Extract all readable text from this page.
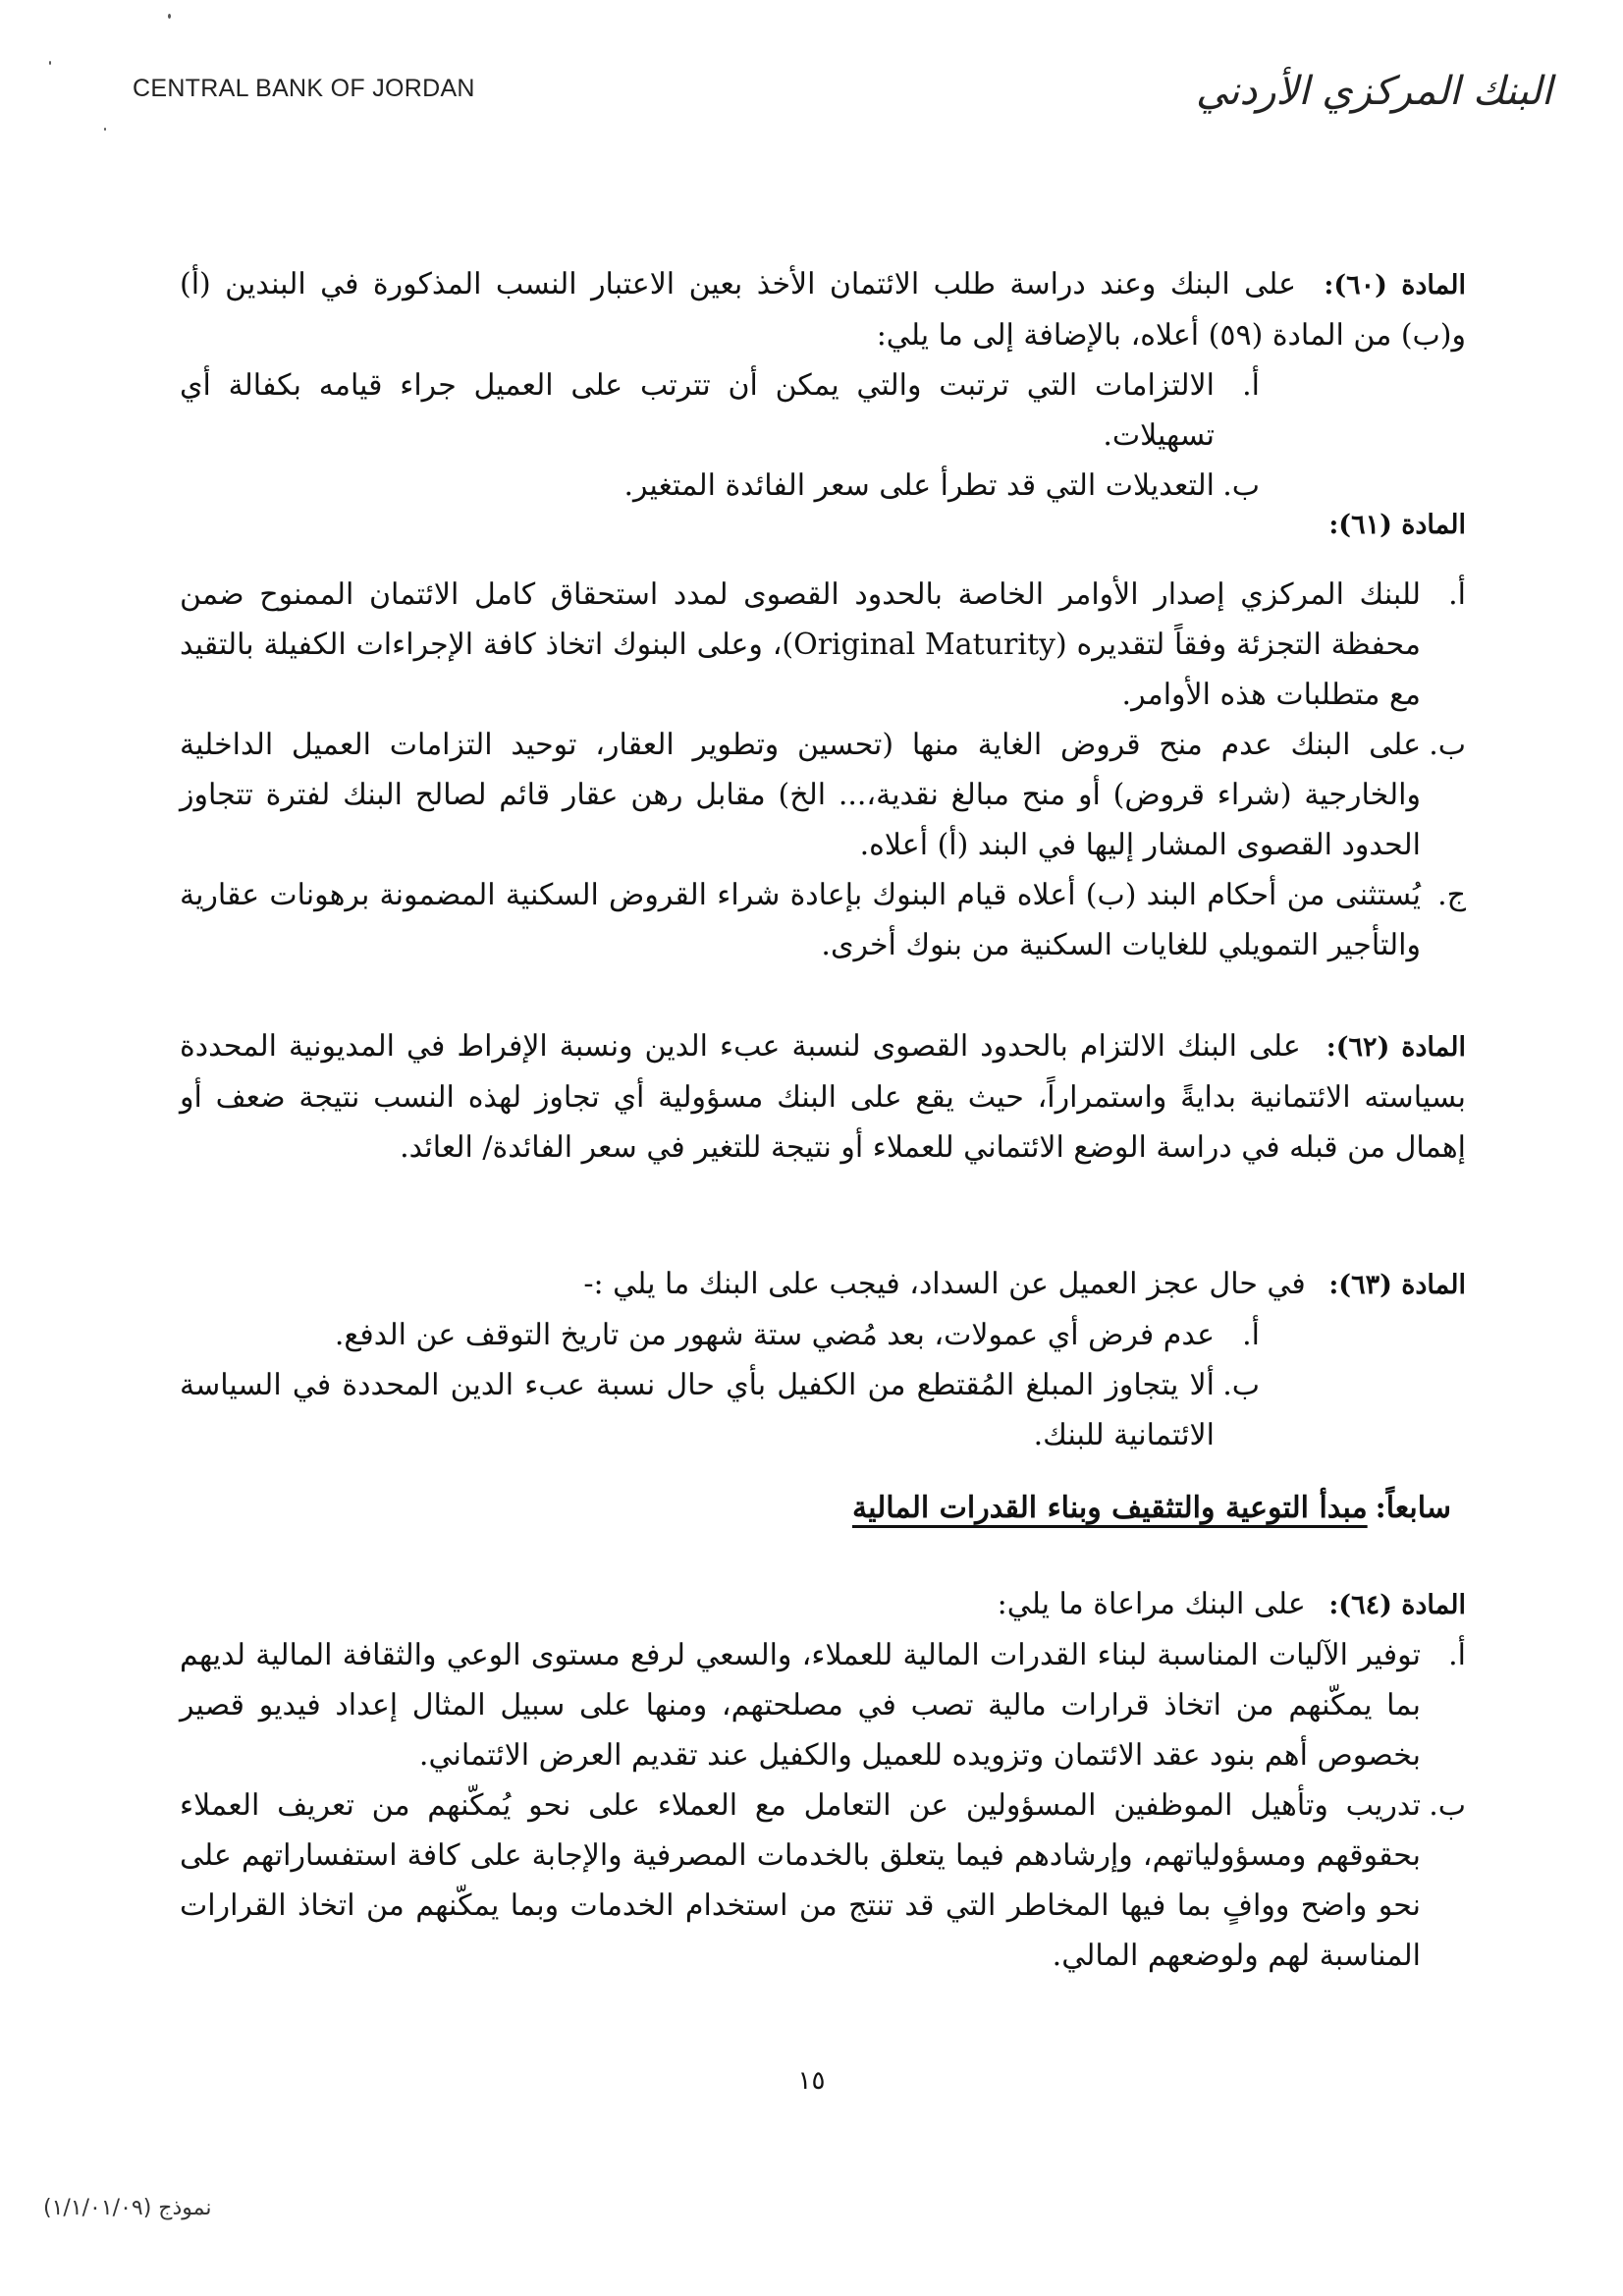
CENTRAL BANK OF JORDAN	البنك المركزي الأردني
المادة (٦٠): على البنك وعند دراسة طلب الائتمان الأخذ بعين الاعتبار النسب المذكورة في البندين (أ) و(ب) من المادة (٥٩) أعلاه، بالإضافة إلى ما يلي:
أ.
الالتزامات التي ترتبت والتي يمكن أن تترتب على العميل جراء قيامه بكفالة أي تسهيلات.
ب.
التعديلات التي قد تطرأ على سعر الفائدة المتغير.
المادة (٦١):
أ.
للبنك المركزي إصدار الأوامر الخاصة بالحدود القصوى لمدد استحقاق كامل الائتمان الممنوح ضمن محفظة التجزئة وفقاً لتقديره (Original Maturity)، وعلى البنوك اتخاذ كافة الإجراءات الكفيلة بالتقيد مع متطلبات هذه الأوامر.
ب.
على البنك عدم منح قروض الغاية منها (تحسين وتطوير العقار، توحيد التزامات العميل الداخلية والخارجية (شراء قروض) أو منح مبالغ نقدية،... الخ) مقابل رهن عقار قائم لصالح البنك لفترة تتجاوز الحدود القصوى المشار إليها في البند (أ) أعلاه.
ج.
يُستثنى من أحكام البند (ب) أعلاه قيام البنوك بإعادة شراء القروض السكنية المضمونة برهونات عقارية والتأجير التمويلي للغايات السكنية من بنوك أخرى.
المادة (٦٢): على البنك الالتزام بالحدود القصوى لنسبة عبء الدين ونسبة الإفراط في المديونية المحددة بسياسته الائتمانية بدايةً واستمراراً، حيث يقع على البنك مسؤولية أي تجاوز لهذه النسب نتيجة ضعف أو إهمال من قبله في دراسة الوضع الائتماني للعملاء أو نتيجة للتغير في سعر الفائدة/ العائد.
المادة (٦٣): في حال عجز العميل عن السداد، فيجب على البنك ما يلي :-
أ.
عدم فرض أي عمولات، بعد مُضي ستة شهور من تاريخ التوقف عن الدفع.
ب.
ألا يتجاوز المبلغ المُقتطع من الكفيل بأي حال نسبة عبء الدين المحددة في السياسة الائتمانية للبنك.
سابعاً:مبدأ التوعية والتثقيف وبناء القدرات المالية
المادة (٦٤): على البنك مراعاة ما يلي:
أ.
توفير الآليات المناسبة لبناء القدرات المالية للعملاء، والسعي لرفع مستوى الوعي والثقافة المالية لديهم بما يمكّنهم من اتخاذ قرارات مالية تصب في مصلحتهم، ومنها على سبيل المثال إعداد فيديو قصير بخصوص أهم بنود عقد الائتمان وتزويده للعميل والكفيل عند تقديم العرض الائتماني.
ب.
تدريب وتأهيل الموظفين المسؤولين عن التعامل مع العملاء على نحو يُمكّنهم من تعريف العملاء بحقوقهم ومسؤولياتهم، وإرشادهم فيما يتعلق بالخدمات المصرفية والإجابة على كافة استفساراتهم على نحو واضح ووافٍ بما فيها المخاطر التي قد تنتج من استخدام الخدمات وبما يمكّنهم من اتخاذ القرارات المناسبة لهم ولوضعهم المالي.
١٥
نموذج (١/١/٠١/٠٩)
